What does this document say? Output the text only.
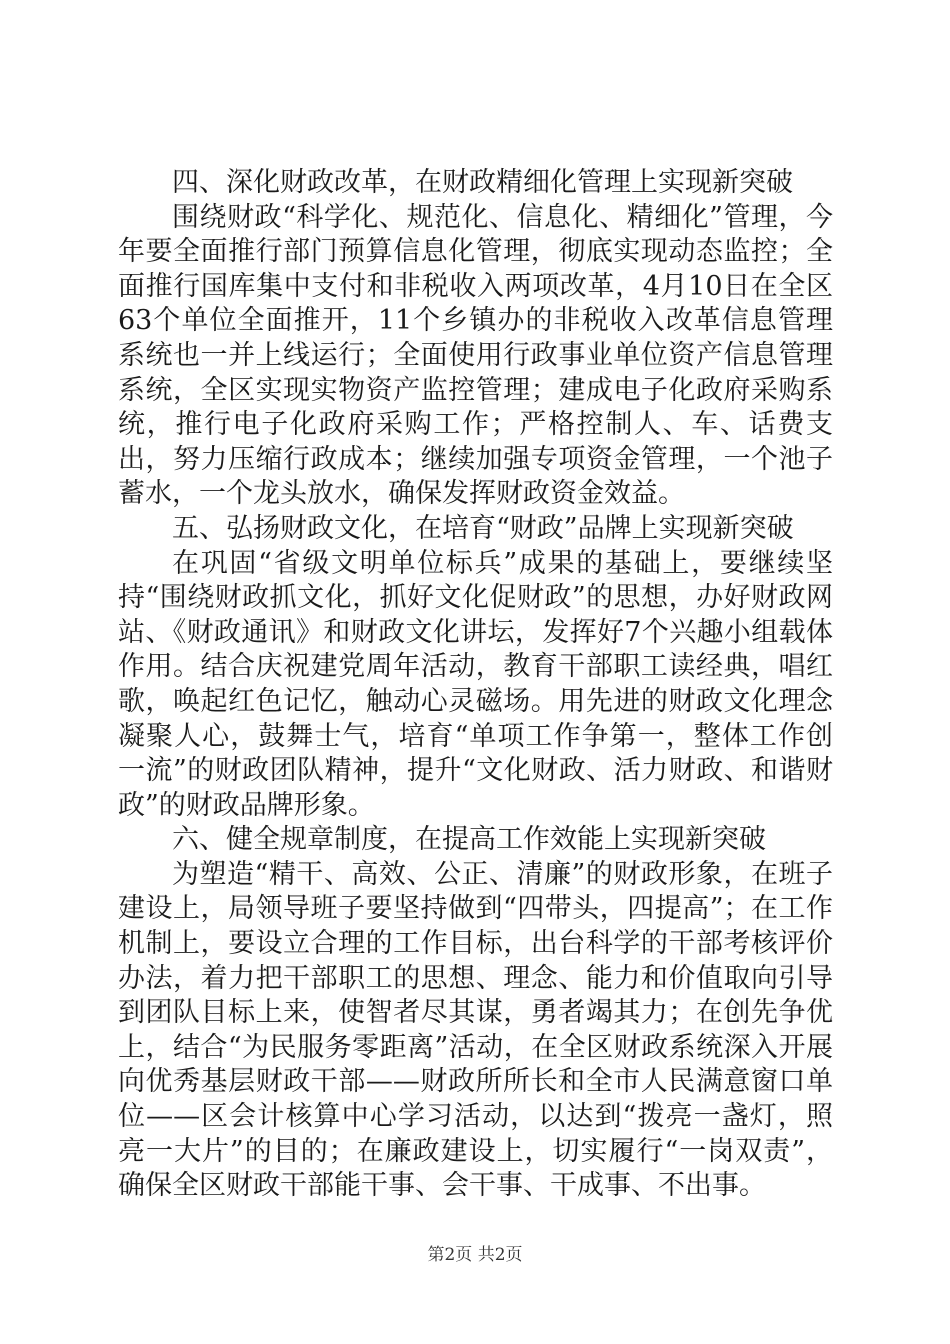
四、深化财政改革，在财政精细化管理上实现新突破

围绕财政“科学化、规范化、信息化、精细化”管理，今年要全面推行部门预算信息化管理，彻底实现动态监控；全面推行国库集中支付和非税收入两项改革，4月10日在全区63个单位全面推开，11个乡镇办的非税收入改革信息管理系统也一并上线运行；全面使用行政事业单位资产信息管理系统，全区实现实物资产监控管理；建成电子化政府采购系统，推行电子化政府采购工作；严格控制人、车、话费支出，努力压缩行政成本；继续加强专项资金管理，一个池子蓄水，一个龙头放水，确保发挥财政资金效益。

五、弘扬财政文化，在培育“财政”品牌上实现新突破

在巩固“省级文明单位标兵”成果的基础上，要继续坚持“围绕财政抓文化，抓好文化促财政”的思想，办好财政网站、《财政通讯》和财政文化讲坛，发挥好7个兴趣小组载体作用。结合庆祝建党周年活动，教育干部职工读经典，唱红歌，唤起红色记忆，触动心灵磁场。用先进的财政文化理念凝聚人心，鼓舞士气，培育“单项工作争第一，整体工作创一流”的财政团队精神，提升“文化财政、活力财政、和谐财政”的财政品牌形象。

六、健全规章制度，在提高工作效能上实现新突破

为塑造“精干、高效、公正、清廉”的财政形象，在班子建设上，局领导班子要坚持做到“四带头，四提高”；在工作机制上，要设立合理的工作目标，出台科学的干部考核评价办法，着力把干部职工的思想、理念、能力和价值取向引导到团队目标上来，使智者尽其谋，勇者竭其力；在创先争优上，结合“为民服务零距离”活动，在全区财政系统深入开展向优秀基层财政干部——财政所所长和全市人民满意窗口单位——区会计核算中心学习活动，以达到“拨亮一盏灯，照亮一大片”的目的；在廉政建设上，切实履行“一岗双责”，确保全区财政干部能干事、会干事、干成事、不出事。

第2页 共2页
